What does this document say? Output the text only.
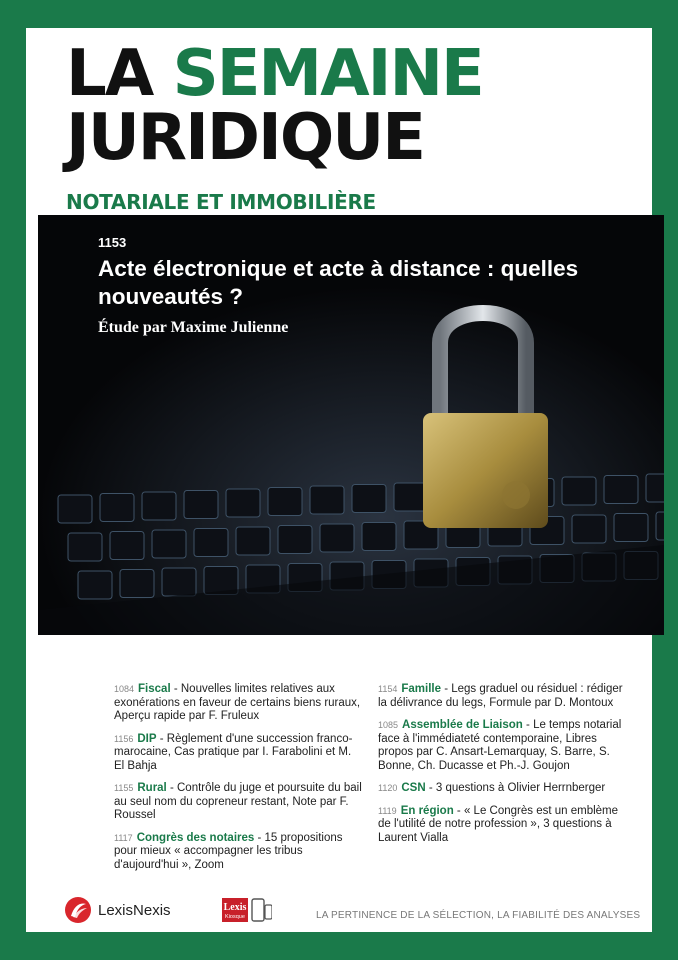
LA SEMAINE
JURIDIQUE
NOTARIALE ET IMMOBILIÈRE
1084 Fiscal - Nouvelles limites relatives aux exonérations en faveur de certains biens ruraux, Aperçu rapide par F. Fruleux
1156 DIP - Règlement d'une succession franco-marocaine, Cas pratique par I. Farabolini et M. El Bahja
1155 Rural - Contrôle du juge et poursuite du bail au seul nom du copreneur restant, Note par F. Roussel
1117 Congrès des notaires - 15 propositions pour mieux « accompagner les tribus d'aujourd'hui », Zoom
1154 Famille - Legs graduel ou résiduel : rédiger la délivrance du legs, Formule par D. Montoux
1085 Assemblée de Liaison - Le temps notarial face à l'immédiateté contemporaine, Libres propos par C. Ansart-Lemarquay, S. Barre, S. Bonne, Ch. Ducasse et Ph.-J. Goujon
1120 CSN - 3 questions à Olivier Herrnberger
1119 En région - « Le Congrès est un emblème de l'utilité de notre profession », 3 questions à Laurent Vialla
LexisNexis	Lexis
Kiosque	LA PERTINENCE DE LA SÉLECTION, LA FIABILITÉ DES ANALYSES
1153
Acte électronique et acte à distance : quelles nouveautés ?
Étude par Maxime Julienne
